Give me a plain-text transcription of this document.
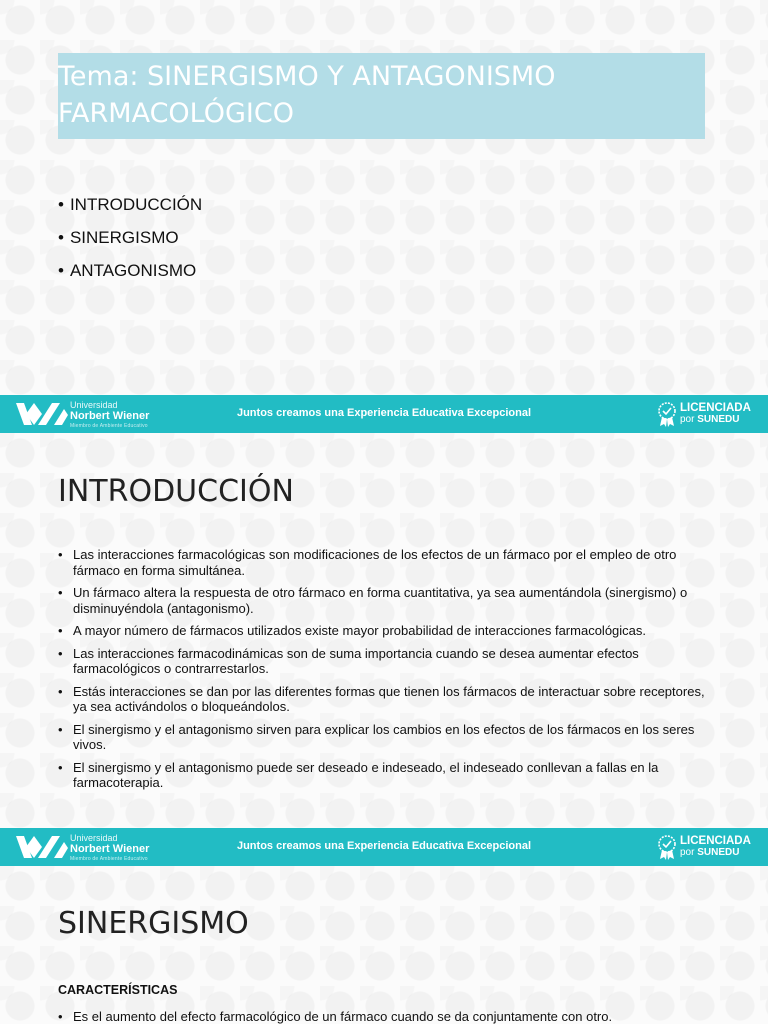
Tema: SINERGISMO Y ANTAGONISMO FARMACOLÓGICO
• INTRODUCCIÓN
• SINERGISMO
• ANTAGONISMO
Universidad
Norbert Wiener
Miembro de Ambiente Educativo
Juntos creamos una Experiencia Educativa Excepcional	LICENCIADA
por SUNEDU
INTRODUCCIÓN
• Las interacciones farmacológicas son modificaciones de los efectos de un fármaco por el empleo de otro fármaco en forma simultánea.
• Un fármaco altera la respuesta de otro fármaco en forma cuantitativa, ya sea aumentándola (sinergismo) o disminuyéndola (antagonismo).
• A mayor número de fármacos utilizados existe mayor probabilidad de interacciones farmacológicas.
• Las interacciones farmacodinámicas son de suma importancia cuando se desea aumentar efectos farmacológicos o contrarrestarlos.
• Estás interacciones se dan por las diferentes formas que tienen los fármacos de interactuar sobre receptores, ya sea activándolos o bloqueándolos.
• El sinergismo y el antagonismo sirven para explicar los cambios en los efectos de los fármacos en los seres vivos.
• El sinergismo y el antagonismo puede ser deseado e indeseado, el indeseado conllevan a fallas en la farmacoterapia.
Universidad
Norbert Wiener
Miembro de Ambiente Educativo
Juntos creamos una Experiencia Educativa Excepcional	LICENCIADA
por SUNEDU
SINERGISMO
CARACTERÍSTICAS
• Es el aumento del efecto farmacológico de un fármaco cuando se da conjuntamente con otro.
